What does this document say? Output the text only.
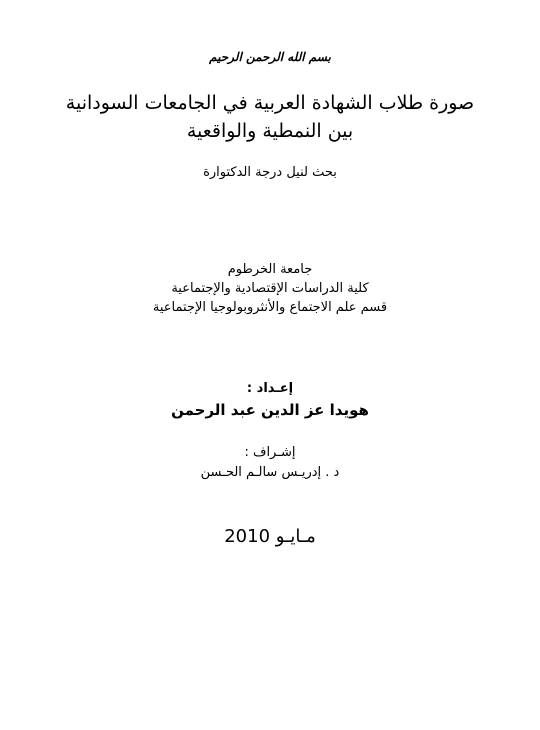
بسم الله الرحمن الرحيم
صورة طلاب الشهادة العربية في الجامعات السودانية
بين النمطية والواقعية
بحث لنيل درجة الدكتوارة
جامعة الخرطوم
كلية الدراسات الإقتصادية والإجتماعية
قسم علم الاجتماع والأنثروبولوجيا الإجتماعية
إعـداد :
هويدا عز الدين عبد الرحمن
إشـراف :
د . إدريـس سالـم الحـسن
مـايـو 2010
